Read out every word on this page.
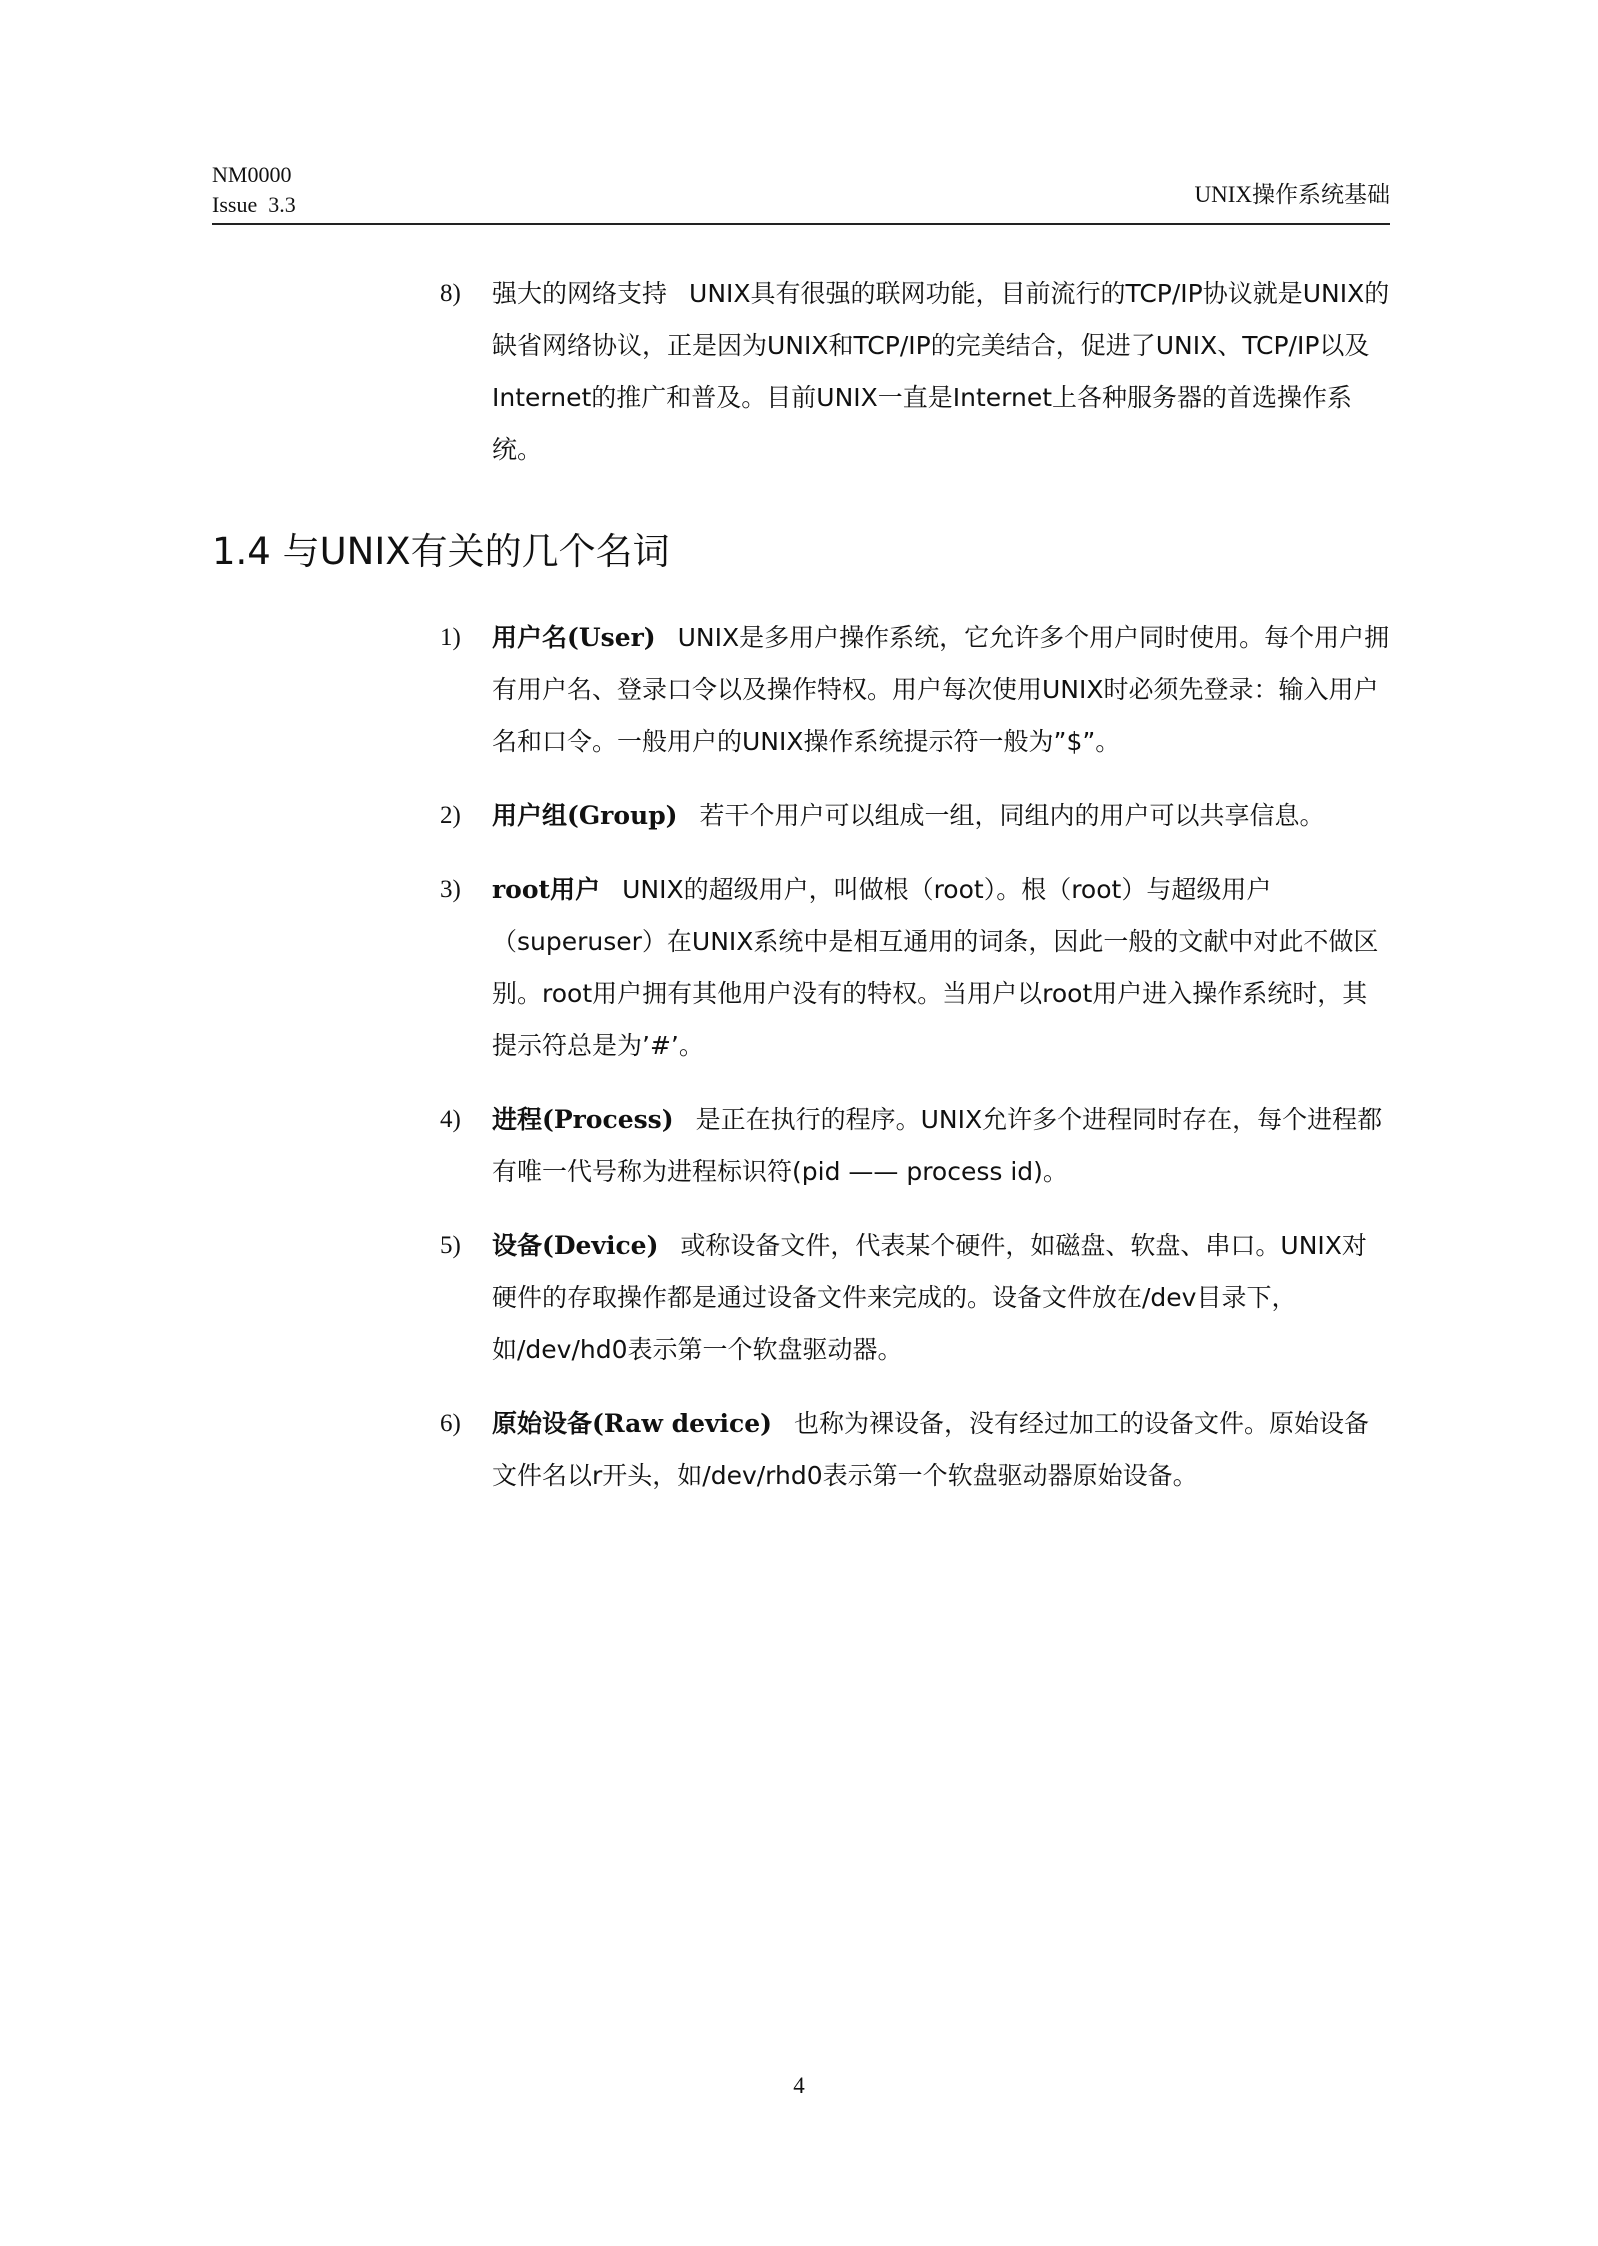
NM0000
Issue  3.3	UNIX操作系统基础
8) 强大的网络支持 UNIX具有很强的联网功能，目前流行的TCP/IP协议就是UNIX的缺省网络协议，正是因为UNIX和TCP/IP的完美结合，促进了UNIX、TCP/IP以及Internet的推广和普及。目前UNIX一直是Internet上各种服务器的首选操作系统。
1.4 与UNIX有关的几个名词
1) 用户名(User) UNIX是多用户操作系统，它允许多个用户同时使用。每个用户拥有用户名、登录口令以及操作特权。用户每次使用UNIX时必须先登录：输入用户名和口令。一般用户的UNIX操作系统提示符一般为”$”。
2) 用户组(Group) 若干个用户可以组成一组，同组内的用户可以共享信息。
3) root用户 UNIX的超级用户，叫做根（root）。根（root）与超级用户（superuser）在UNIX系统中是相互通用的词条，因此一般的文献中对此不做区别。root用户拥有其他用户没有的特权。当用户以root用户进入操作系统时，其提示符总是为’#’。
4) 进程(Process) 是正在执行的程序。UNIX允许多个进程同时存在，每个进程都有唯一代号称为进程标识符(pid —— process id)。
5) 设备(Device) 或称设备文件，代表某个硬件，如磁盘、软盘、串口。UNIX对硬件的存取操作都是通过设备文件来完成的。设备文件放在/dev目录下，如/dev/hd0表示第一个软盘驱动器。
6) 原始设备(Raw device) 也称为裸设备，没有经过加工的设备文件。原始设备文件名以r开头，如/dev/rhd0表示第一个软盘驱动器原始设备。
4
